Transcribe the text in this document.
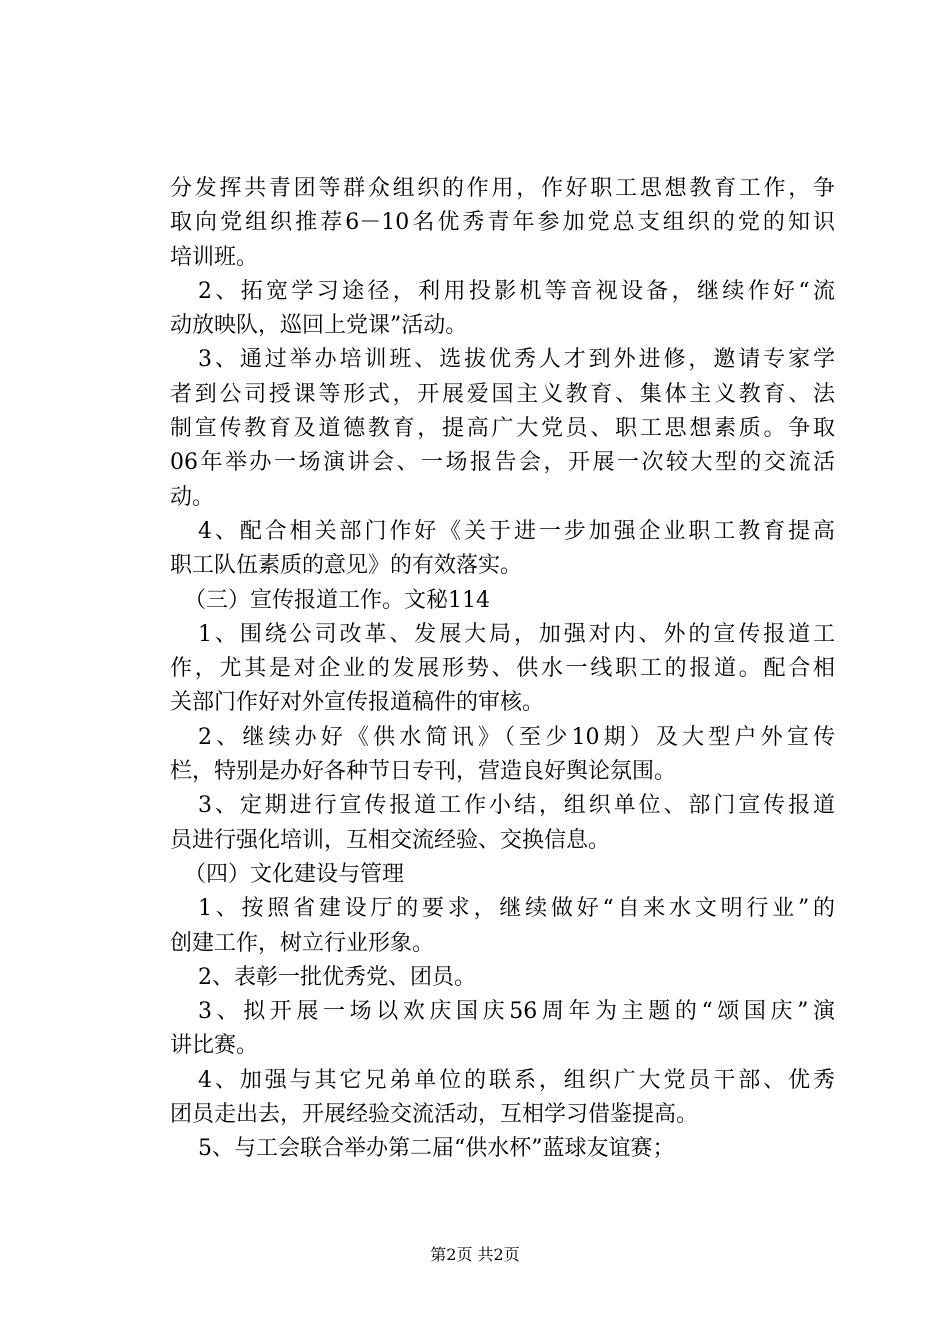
分发挥共青团等群众组织的作用，作好职工思想教育工作，争
取向党组织推荐6－10名优秀青年参加党总支组织的党的知识
培训班。
2、拓宽学习途径，利用投影机等音视设备，继续作好“流
动放映队，巡回上党课”活动。
3、通过举办培训班、选拔优秀人才到外进修，邀请专家学
者到公司授课等形式，开展爱国主义教育、集体主义教育、法
制宣传教育及道德教育，提高广大党员、职工思想素质。争取
06年举办一场演讲会、一场报告会，开展一次较大型的交流活
动。
4、配合相关部门作好《关于进一步加强企业职工教育提高
职工队伍素质的意见》的有效落实。
（三）宣传报道工作。文秘114
1、围绕公司改革、发展大局，加强对内、外的宣传报道工
作，尤其是对企业的发展形势、供水一线职工的报道。配合相
关部门作好对外宣传报道稿件的审核。
2、继续办好《供水简讯》（至少10期）及大型户外宣传
栏，特别是办好各种节日专刊，营造良好舆论氛围。
3、定期进行宣传报道工作小结，组织单位、部门宣传报道
员进行强化培训，互相交流经验、交换信息。
（四）文化建设与管理
1、按照省建设厅的要求，继续做好“自来水文明行业”的
创建工作，树立行业形象。
2、表彰一批优秀党、团员。
3、拟开展一场以欢庆国庆56周年为主题的“颂国庆”演
讲比赛。
4、加强与其它兄弟单位的联系，组织广大党员干部、优秀
团员走出去，开展经验交流活动，互相学习借鉴提高。
5、与工会联合举办第二届“供水杯”蓝球友谊赛；
第2页 共2页
